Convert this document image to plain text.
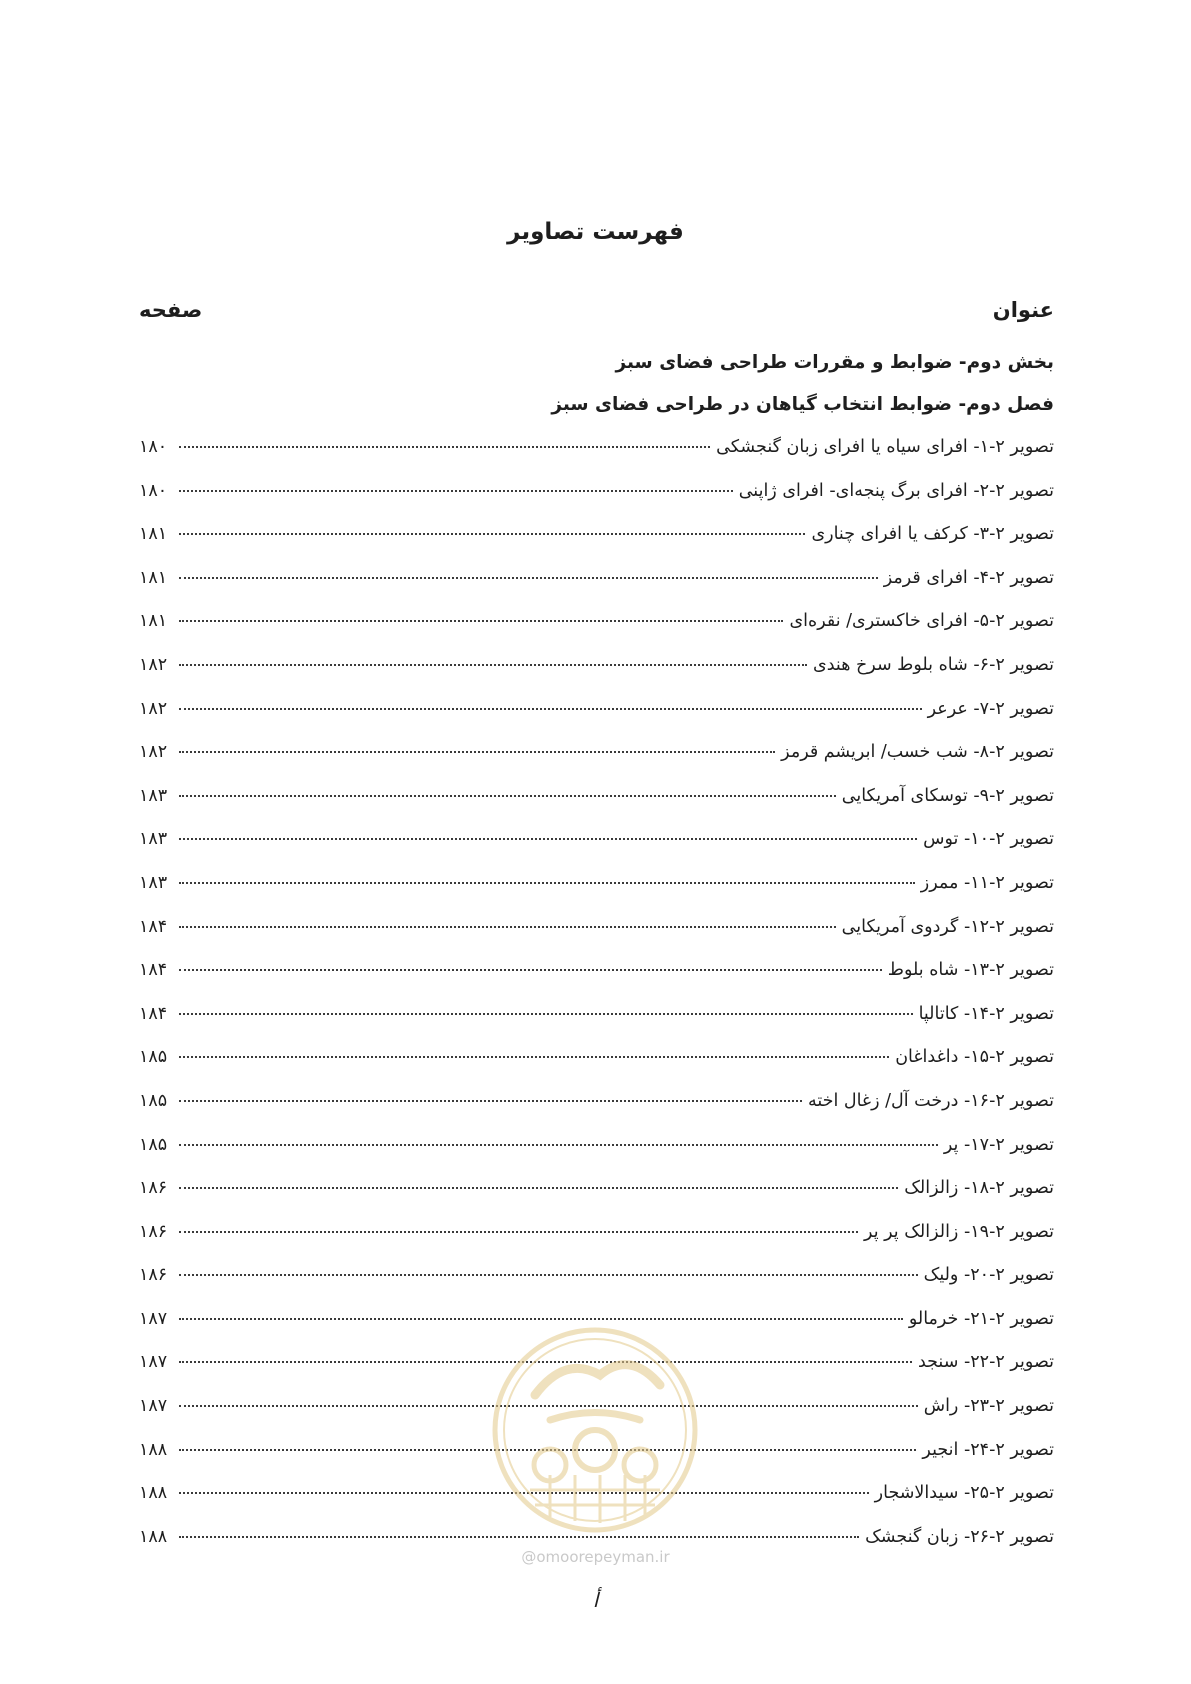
فهرست تصاویر
عنوان
صفحه
بخش دوم- ضوابط و مقررات طراحی فضای سبز
فصل دوم- ضوابط انتخاب گیاهان در طراحی فضای سبز
تصویر ۲-۱- افرای سیاه یا افرای زبان گنجشکی
۱۸۰
تصویر ۲-۲- افرای برگ پنجه‌ای- افرای ژاپنی
۱۸۰
تصویر ۲-۳- کرکف یا افرای چناری
۱۸۱
تصویر ۲-۴- افرای قرمز
۱۸۱
تصویر ۲-۵- افرای خاکستری/ نقره‌ای
۱۸۱
تصویر ۲-۶- شاه بلوط سرخ هندی
۱۸۲
تصویر ۲-۷- عرعر
۱۸۲
تصویر ۲-۸- شب خسب/ ابریشم قرمز
۱۸۲
تصویر ۲-۹- توسکای آمریکایی
۱۸۳
تصویر ۲-۱۰- توس
۱۸۳
تصویر ۲-۱۱- ممرز
۱۸۳
تصویر ۲-۱۲- گردوی آمریکایی
۱۸۴
تصویر ۲-۱۳- شاه بلوط
۱۸۴
تصویر ۲-۱۴- کاتالپا
۱۸۴
تصویر ۲-۱۵- داغداغان
۱۸۵
تصویر ۲-۱۶- درخت آل/ زغال اخته
۱۸۵
تصویر ۲-۱۷- پر
۱۸۵
تصویر ۲-۱۸- زالزالک
۱۸۶
تصویر ۲-۱۹- زالزالک پر پر
۱۸۶
تصویر ۲-۲۰- ولیک
۱۸۶
تصویر ۲-۲۱- خرمالو
۱۸۷
تصویر ۲-۲۲- سنجد
۱۸۷
تصویر ۲-۲۳- راش
۱۸۷
تصویر ۲-۲۴- انجیر
۱۸۸
تصویر ۲-۲۵- سیدالاشجار
۱۸۸
تصویر ۲-۲۶- زبان گنجشک
۱۸۸
@omoorepeyman.ir
أ
